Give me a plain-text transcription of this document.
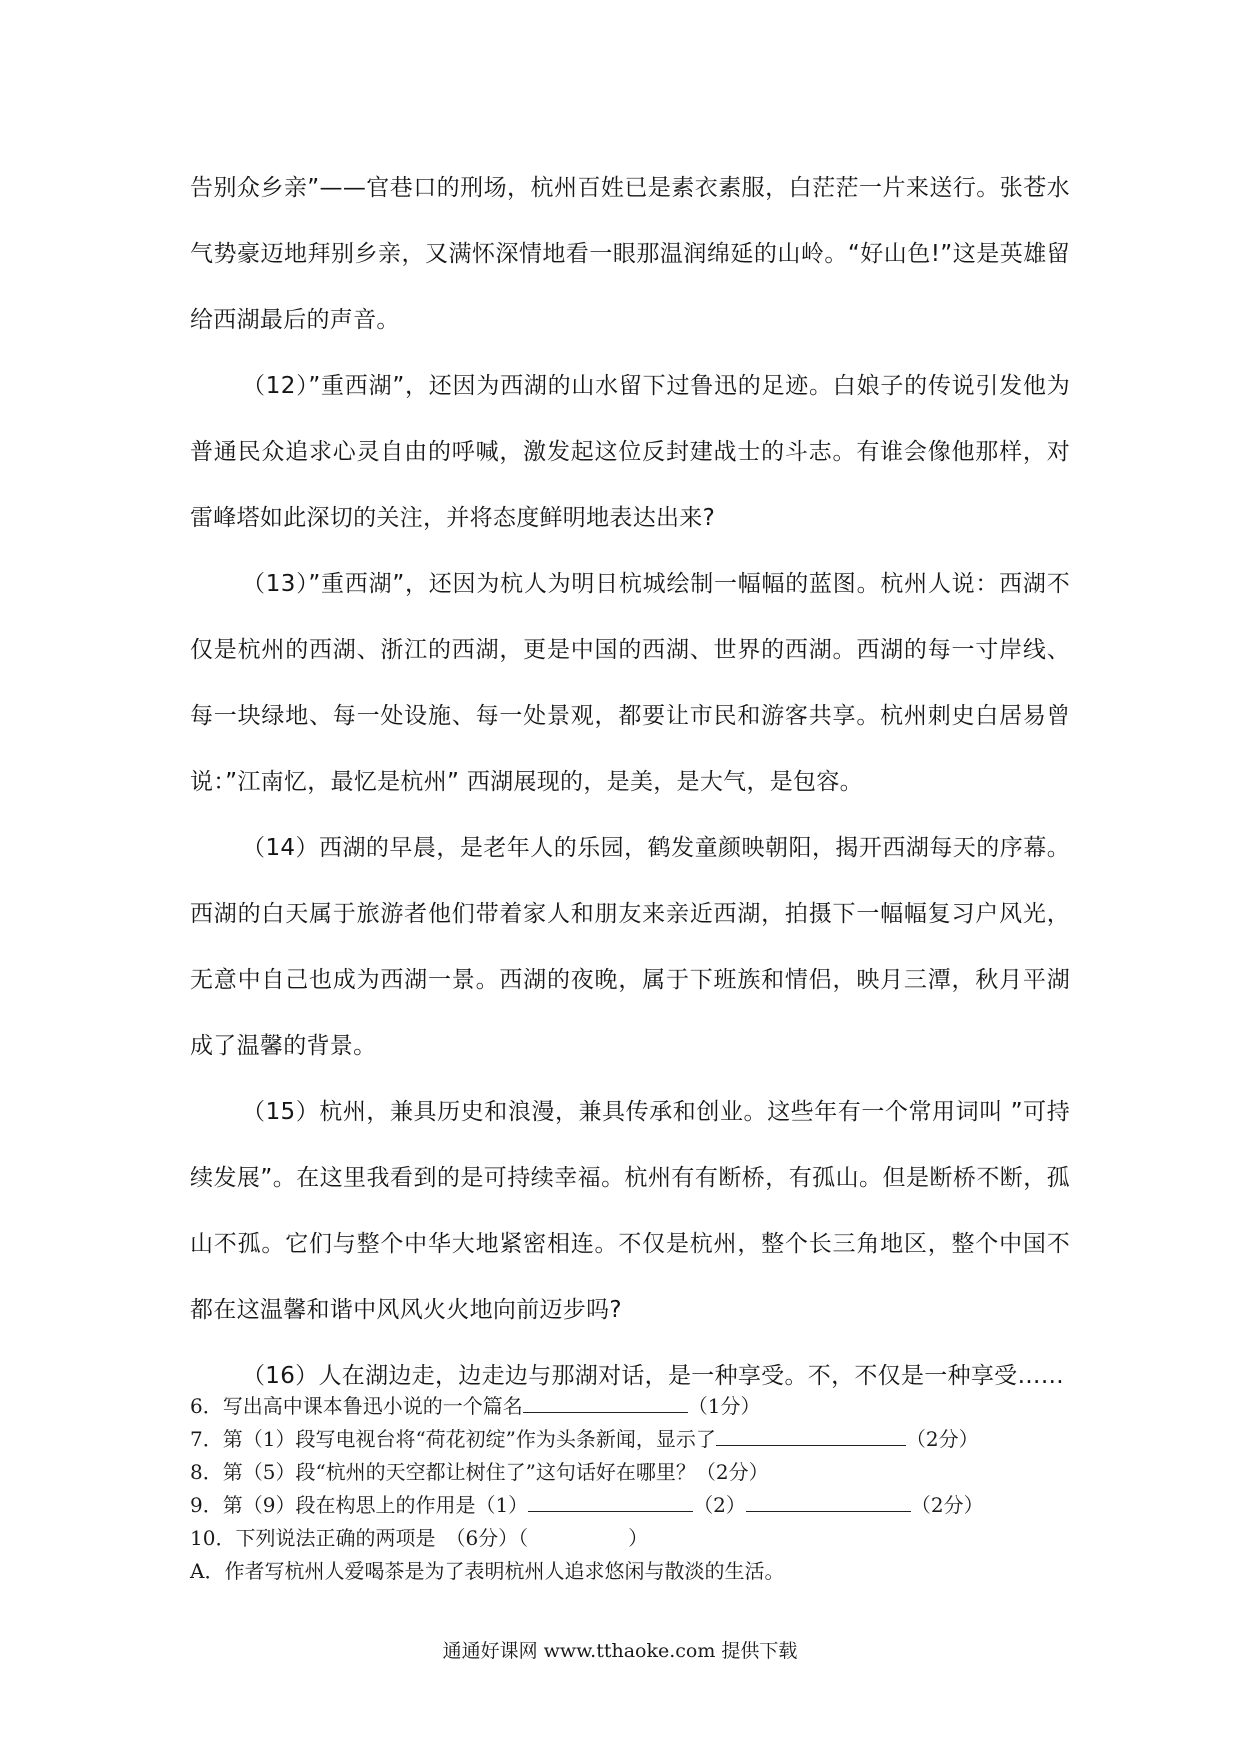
告别众乡亲”——官巷口的刑场，杭州百姓已是素衣素服，白茫茫一片来送行。张苍水气势豪迈地拜别乡亲，又满怀深情地看一眼那温润绵延的山岭。“好山色!”这是英雄留给西湖最后的声音。

（12）”重西湖”，还因为西湖的山水留下过鲁迅的足迹。白娘子的传说引发他为普通民众追求心灵自由的呼喊，激发起这位反封建战士的斗志。有谁会像他那样，对雷峰塔如此深切的关注，并将态度鲜明地表达出来?

（13）”重西湖”，还因为杭人为明日杭城绘制一幅幅的蓝图。杭州人说：西湖不仅是杭州的西湖、浙江的西湖，更是中国的西湖、世界的西湖。西湖的每一寸岸线、每一块绿地、每一处设施、每一处景观，都要让市民和游客共享。杭州刺史白居易曾说：”江南忆，最忆是杭州” 西湖展现的，是美，是大气，是包容。

（14）西湖的早晨，是老年人的乐园，鹤发童颜映朝阳，揭开西湖每天的序幕。西湖的白天属于旅游者他们带着家人和朋友来亲近西湖，拍摄下一幅幅复习户风光，无意中自己也成为西湖一景。西湖的夜晚，属于下班族和情侣，映月三潭，秋月平湖成了温馨的背景。

（15）杭州，兼具历史和浪漫，兼具传承和创业。这些年有一个常用词叫 ”可持续发展”。在这里我看到的是可持续幸福。杭州有有断桥，有孤山。但是断桥不断，孤山不孤。它们与整个中华大地紧密相连。不仅是杭州，整个长三角地区，整个中国不都在这温馨和谐中风风火火地向前迈步吗?

（16）人在湖边走，边走边与那湖对话，是一种享受。不，不仅是一种享受……

6．写出高中课本鲁迅小说的一个篇名	（1分）

7．第（1）段写电视台将“荷花初绽”作为头条新闻，显示了	（2分）

8．第（5）段“杭州的天空都让树住了”这句话好在哪里？（2分）

9．第（9）段在构思上的作用是（1）	（2）	（2分）

10．下列说法正确的两项是　（6分）（　　　　　）

A．作者写杭州人爱喝茶是为了表明杭州人追求悠闲与散淡的生活。

通通好课网 www.tthaoke.com 提供下载
